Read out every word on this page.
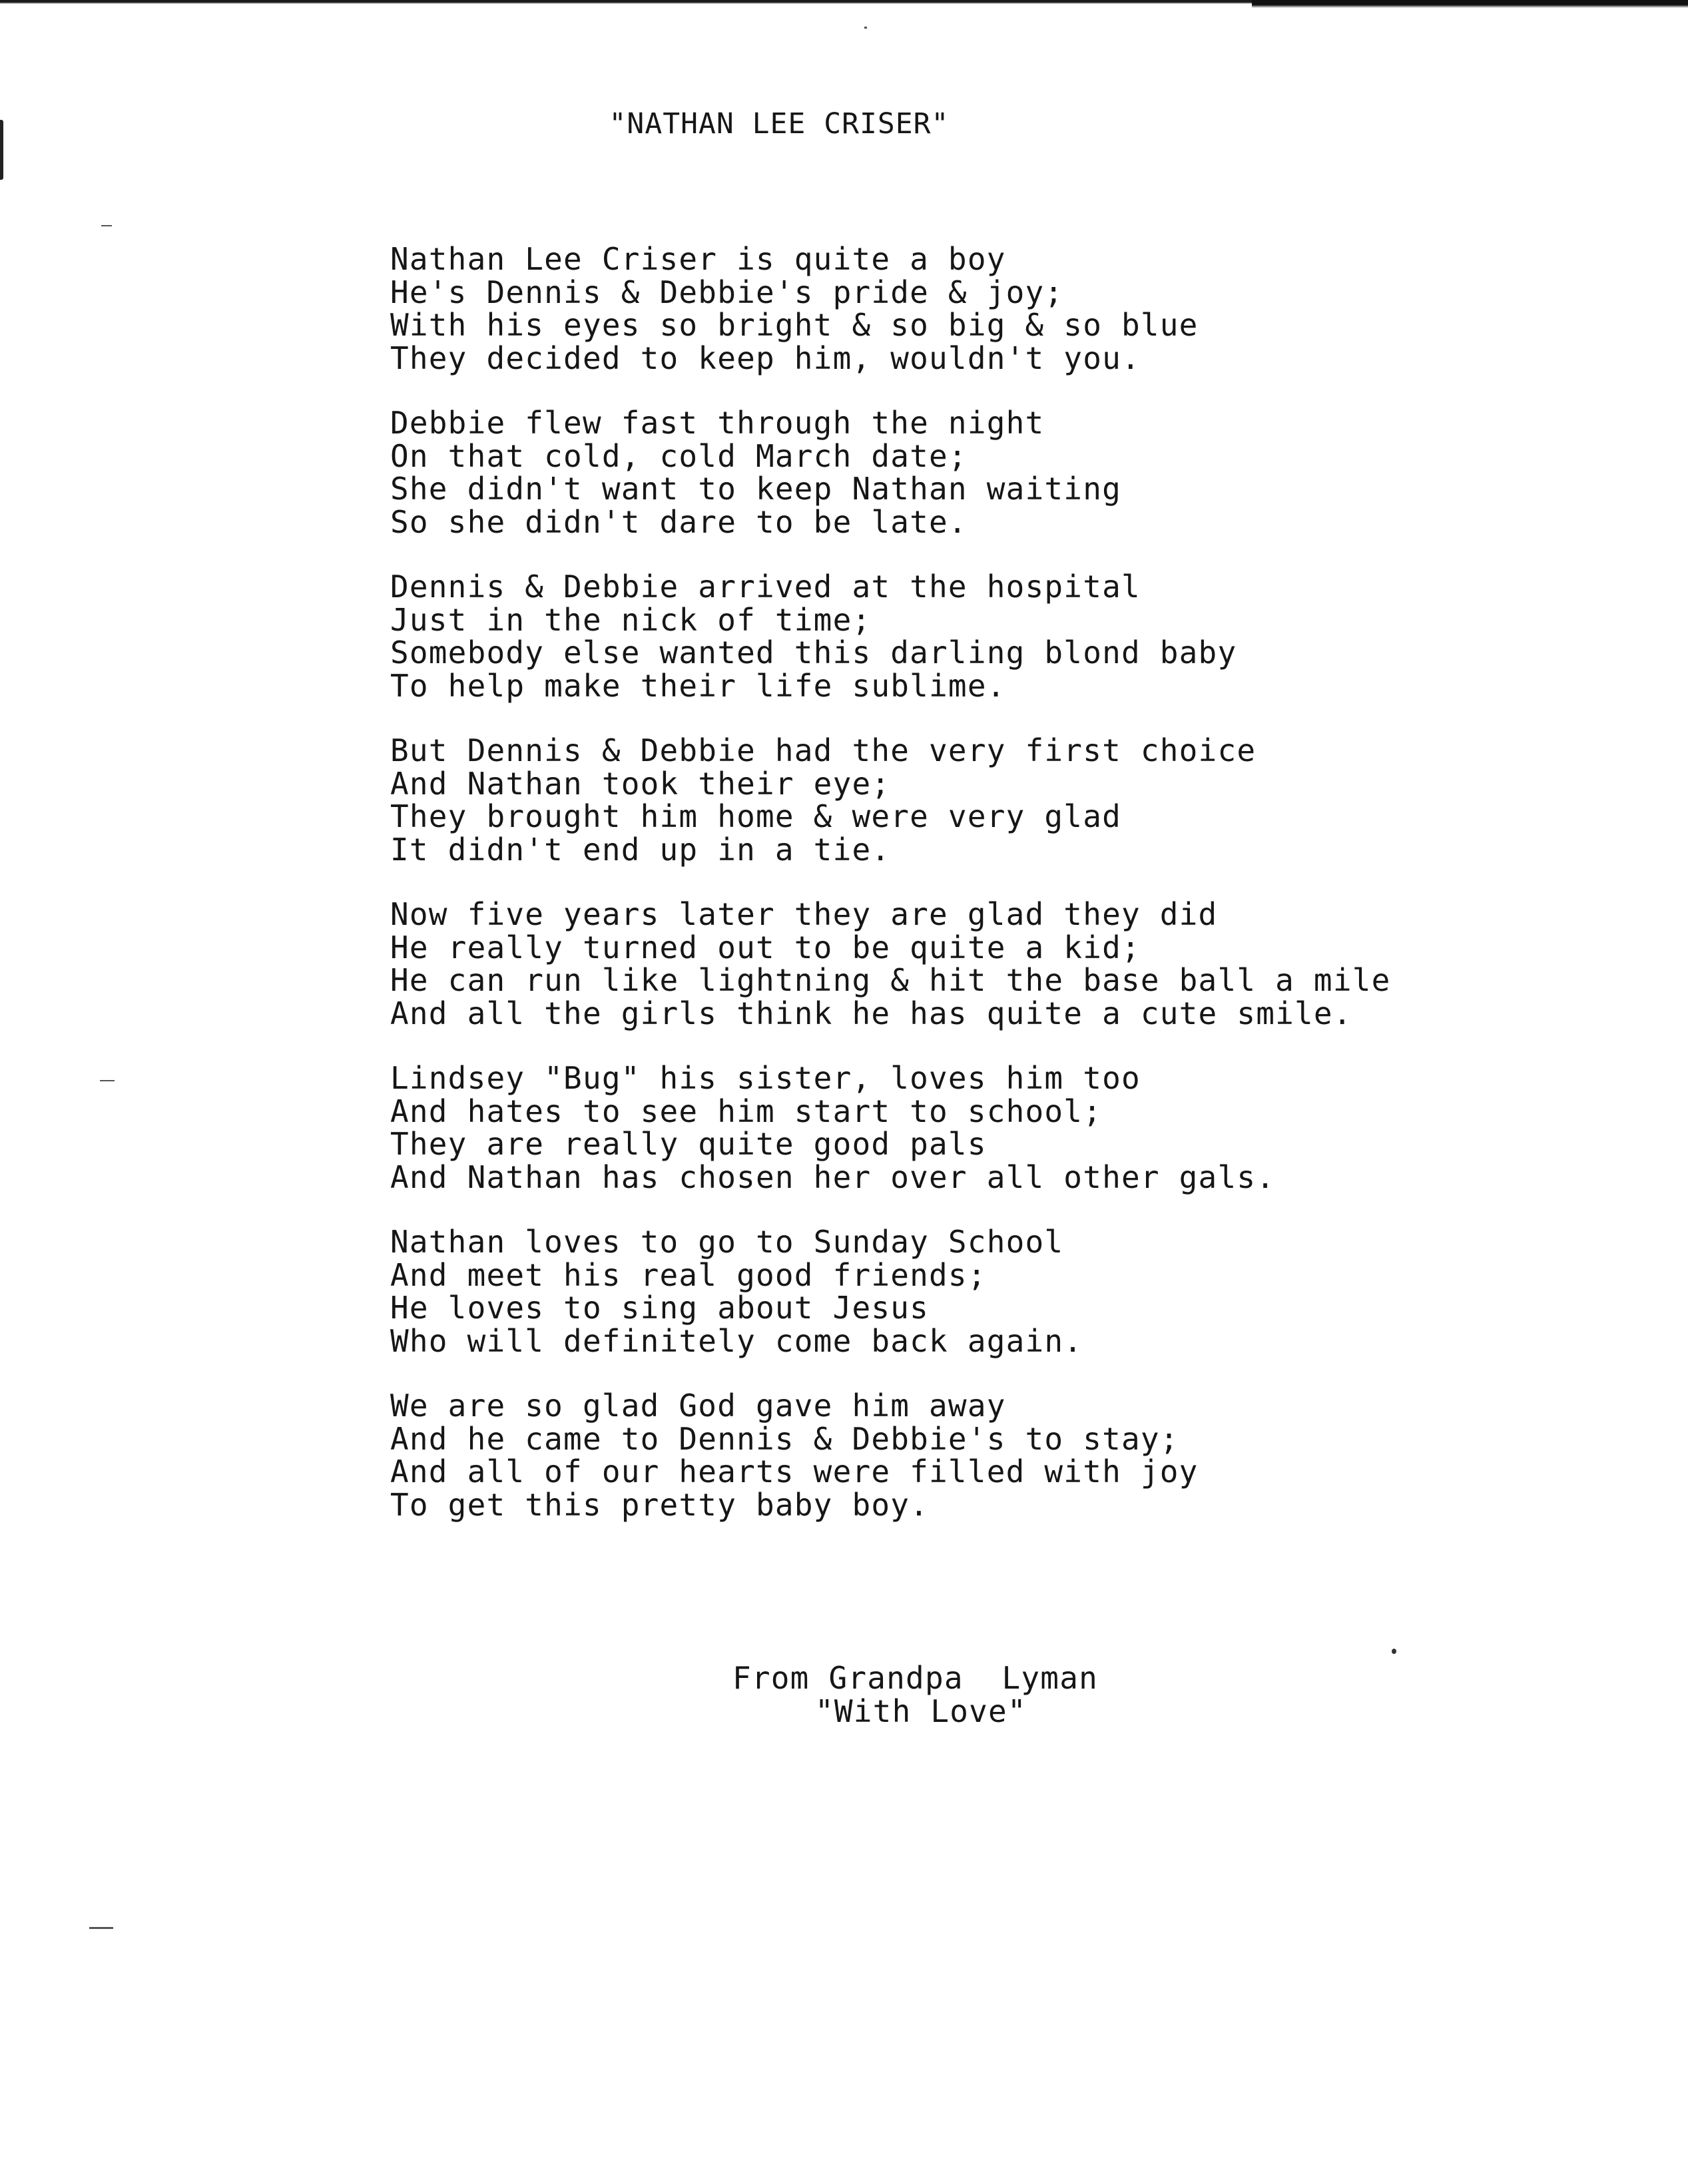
"NATHAN LEE CRISER"
Nathan Lee Criser is quite a boy
He's Dennis & Debbie's pride & joy;
With his eyes so bright & so big & so blue
They decided to keep him, wouldn't you.
Debbie flew fast through the night
On that cold, cold March date;
She didn't want to keep Nathan waiting
So she didn't dare to be late.
Dennis & Debbie arrived at the hospital
Just in the nick of time;
Somebody else wanted this darling blond baby
To help make their life sublime.
But Dennis & Debbie had the very first choice
And Nathan took their eye;
They brought him home & were very glad
It didn't end up in a tie.
Now five years later they are glad they did
He really turned out to be quite a kid;
He can run like lightning & hit the base ball a mile
And all the girls think he has quite a cute smile.
Lindsey "Bug" his sister, loves him too
And hates to see him start to school;
They are really quite good pals
And Nathan has chosen her over all other gals.
Nathan loves to go to Sunday School
And meet his real good friends;
He loves to sing about Jesus
Who will definitely come back again.
We are so glad God gave him away
And he came to Dennis & Debbie's to stay;
And all of our hearts were filled with joy
To get this pretty baby boy.
From Grandpa  Lyman
"With Love"
